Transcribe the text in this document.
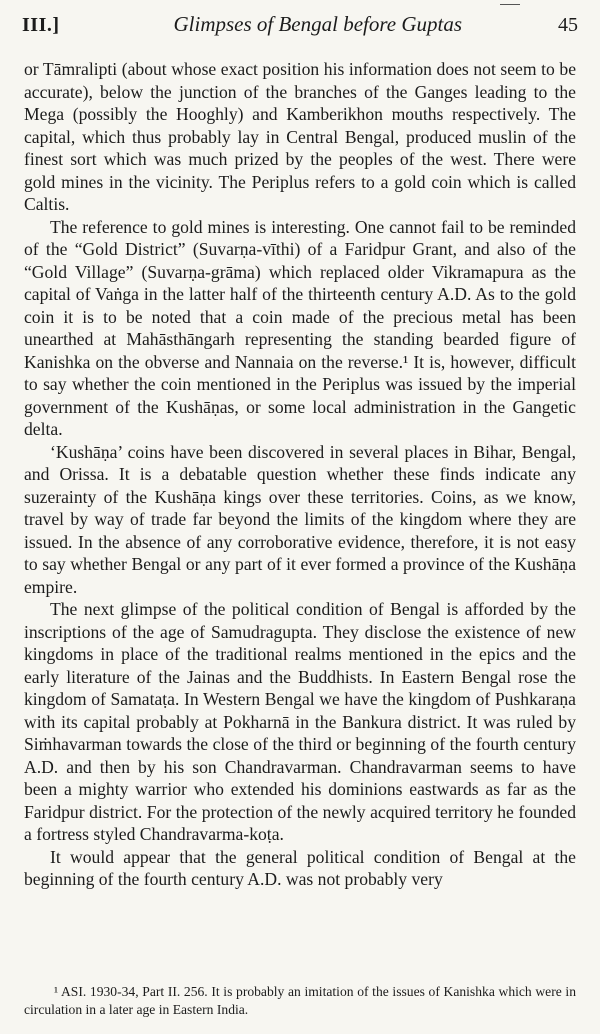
III.]	Glimpses of Bengal before Guptas	45

or Tāmralipti (about whose exact position his information does not seem to be accurate), below the junction of the branches of the Ganges leading to the Mega (possibly the Hooghly) and Kamberikhon mouths respectively. The capital, which thus probably lay in Central Bengal, produced muslin of the finest sort which was much prized by the peoples of the west. There were gold mines in the vicinity. The Periplus refers to a gold coin which is called Caltis.

The reference to gold mines is interesting. One cannot fail to be reminded of the “Gold District” (Suvarṇa-vīthi) of a Faridpur Grant, and also of the “Gold Village” (Suvarṇa-grāma) which replaced older Vikramapura as the capital of Vaṅga in the latter half of the thirteenth century A.D. As to the gold coin it is to be noted that a coin made of the precious metal has been unearthed at Mahāsthāngarh representing the standing bearded figure of Kanishka on the obverse and Nannaia on the reverse.¹ It is, however, difficult to say whether the coin mentioned in the Periplus was issued by the imperial government of the Kushāṇas, or some local administration in the Gangetic delta.

‘Kushāṇa’ coins have been discovered in several places in Bihar, Bengal, and Orissa. It is a debatable question whether these finds indicate any suzerainty of the Kushāṇa kings over these territories. Coins, as we know, travel by way of trade far beyond the limits of the kingdom where they are issued. In the absence of any corroborative evidence, therefore, it is not easy to say whether Bengal or any part of it ever formed a province of the Kushāṇa empire.

The next glimpse of the political condition of Bengal is afforded by the inscriptions of the age of Samudragupta. They disclose the existence of new kingdoms in place of the traditional realms mentioned in the epics and the early literature of the Jainas and the Buddhists. In Eastern Bengal rose the kingdom of Samataṭa. In Western Bengal we have the kingdom of Pushkaraṇa with its capital probably at Pokharnā in the Bankura district. It was ruled by Siṁhavarman towards the close of the third or beginning of the fourth century A.D. and then by his son Chandravarman. Chandravarman seems to have been a mighty warrior who extended his dominions eastwards as far as the Faridpur district. For the protection of the newly acquired territory he founded a fortress styled Chandravarma-koṭa.

It would appear that the general political condition of Bengal at the beginning of the fourth century A.D. was not probably very

¹ ASI. 1930-34, Part II. 256. It is probably an imitation of the issues of Kanishka which were in circulation in a later age in Eastern India.
